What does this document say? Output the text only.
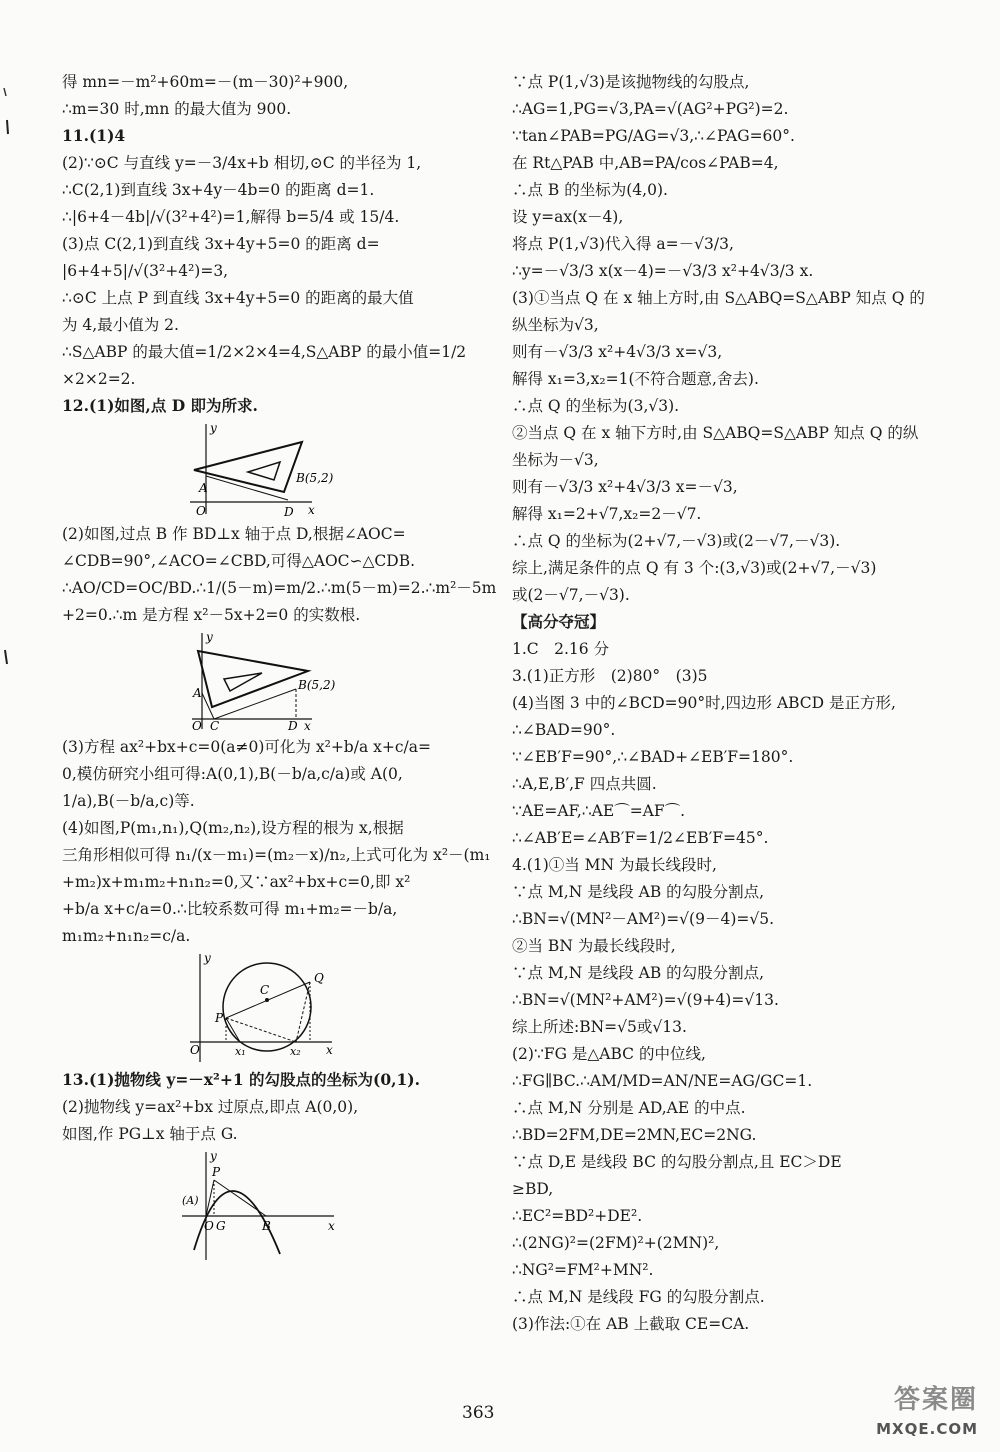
得 mn=－m²+60m=－(m－30)²+900,
∴m=30 时,mn 的最大值为 900.
11.(1)4
(2)∵⊙C 与直线 y=－3/4x+b 相切,⊙C 的半径为 1,
∴C(2,1)到直线 3x+4y－4b=0 的距离 d=1.
∴|6+4－4b|/√(3²+4²)=1,解得 b=5/4 或 15/4.
(3)点 C(2,1)到直线 3x+4y+5=0 的距离 d=
|6+4+5|/√(3²+4²)=3,
∴⊙C 上点 P 到直线 3x+4y+5=0 的距离的最大值
为 4,最小值为 2.
∴S△ABP 的最大值=1/2×2×4=4,S△ABP 的最小值=1/2
×2×2=2.
12.(1)如图,点 D 即为所求.
y
A
O
B(5,2)
D x
(2)如图,过点 B 作 BD⊥x 轴于点 D,根据∠AOC=
∠CDB=90°,∠ACO=∠CBD,可得△AOC∽△CDB.
∴AO/CD=OC/BD.∴1/(5－m)=m/2.∴m(5－m)=2.∴m²－5m
+2=0.∴m 是方程 x²－5x+2=0 的实数根.
y
A
O C
B(5,2)
D x
(3)方程 ax²+bx+c=0(a≠0)可化为 x²+b/a x+c/a=
0,模仿研究小组可得:A(0,1),B(－b/a,c/a)或 A(0,
1/a),B(－b/a,c)等.
(4)如图,P(m₁,n₁),Q(m₂,n₂),设方程的根为 x,根据
三角形相似可得 n₁/(x－m₁)=(m₂－x)/n₂,上式可化为 x²－(m₁
+m₂)x+m₁m₂+n₁n₂=0,又∵ax²+bx+c=0,即 x²
+b/a x+c/a=0.∴比较系数可得 m₁+m₂=－b/a,
m₁m₂+n₁n₂=c/a.
y
C
Q
P
O	x₁	x₂ x
13.(1)抛物线 y=－x²+1 的勾股点的坐标为(0,1).
(2)抛物线 y=ax²+bx 过原点,即点 A(0,0),
如图,作 PG⊥x 轴于点 G.
y
P
(A)
O G	B	x
∵点 P(1,√3)是该抛物线的勾股点,
∴AG=1,PG=√3,PA=√(AG²+PG²)=2.
∵tan∠PAB=PG/AG=√3,∴∠PAG=60°.
在 Rt△PAB 中,AB=PA/cos∠PAB=4,
∴点 B 的坐标为(4,0).
设 y=ax(x－4),
将点 P(1,√3)代入得 a=－√3/3,
∴y=－√3/3 x(x－4)=－√3/3 x²+4√3/3 x.
(3)①当点 Q 在 x 轴上方时,由 S△ABQ=S△ABP 知点 Q 的
纵坐标为√3,
则有－√3/3 x²+4√3/3 x=√3,
解得 x₁=3,x₂=1(不符合题意,舍去).
∴点 Q 的坐标为(3,√3).
②当点 Q 在 x 轴下方时,由 S△ABQ=S△ABP 知点 Q 的纵
坐标为－√3,
则有－√3/3 x²+4√3/3 x=－√3,
解得 x₁=2+√7,x₂=2－√7.
∴点 Q 的坐标为(2+√7,－√3)或(2－√7,－√3).
综上,满足条件的点 Q 有 3 个:(3,√3)或(2+√7,－√3)
或(2－√7,－√3).
【高分夺冠】
1.C　2.16 分
3.(1)正方形　(2)80°　(3)5
(4)当图 3 中的∠BCD=90°时,四边形 ABCD 是正方形,
∴∠BAD=90°.
∵∠EB′F=90°,∴∠BAD+∠EB′F=180°.
∴A,E,B′,F 四点共圆.
∵AE=AF,∴AE⌒=AF⌒.
∴∠AB′E=∠AB′F=1/2∠EB′F=45°.
4.(1)①当 MN 为最长线段时,
∵点 M,N 是线段 AB 的勾股分割点,
∴BN=√(MN²－AM²)=√(9－4)=√5.
②当 BN 为最长线段时,
∵点 M,N 是线段 AB 的勾股分割点,
∴BN=√(MN²+AM²)=√(9+4)=√13.
综上所述:BN=√5或√13.
(2)∵FG 是△ABC 的中位线,
∴FG∥BC.∴AM/MD=AN/NE=AG/GC=1.
∴点 M,N 分别是 AD,AE 的中点.
∴BD=2FM,DE=2MN,EC=2NG.
∵点 D,E 是线段 BC 的勾股分割点,且 EC＞DE
≥BD,
∴EC²=BD²+DE².
∴(2NG)²=(2FM)²+(2MN)²,
∴NG²=FM²+MN².
∴点 M,N 是线段 FG 的勾股分割点.
(3)作法:①在 AB 上截取 CE=CA.
363	答案圈
MXQE.COM
